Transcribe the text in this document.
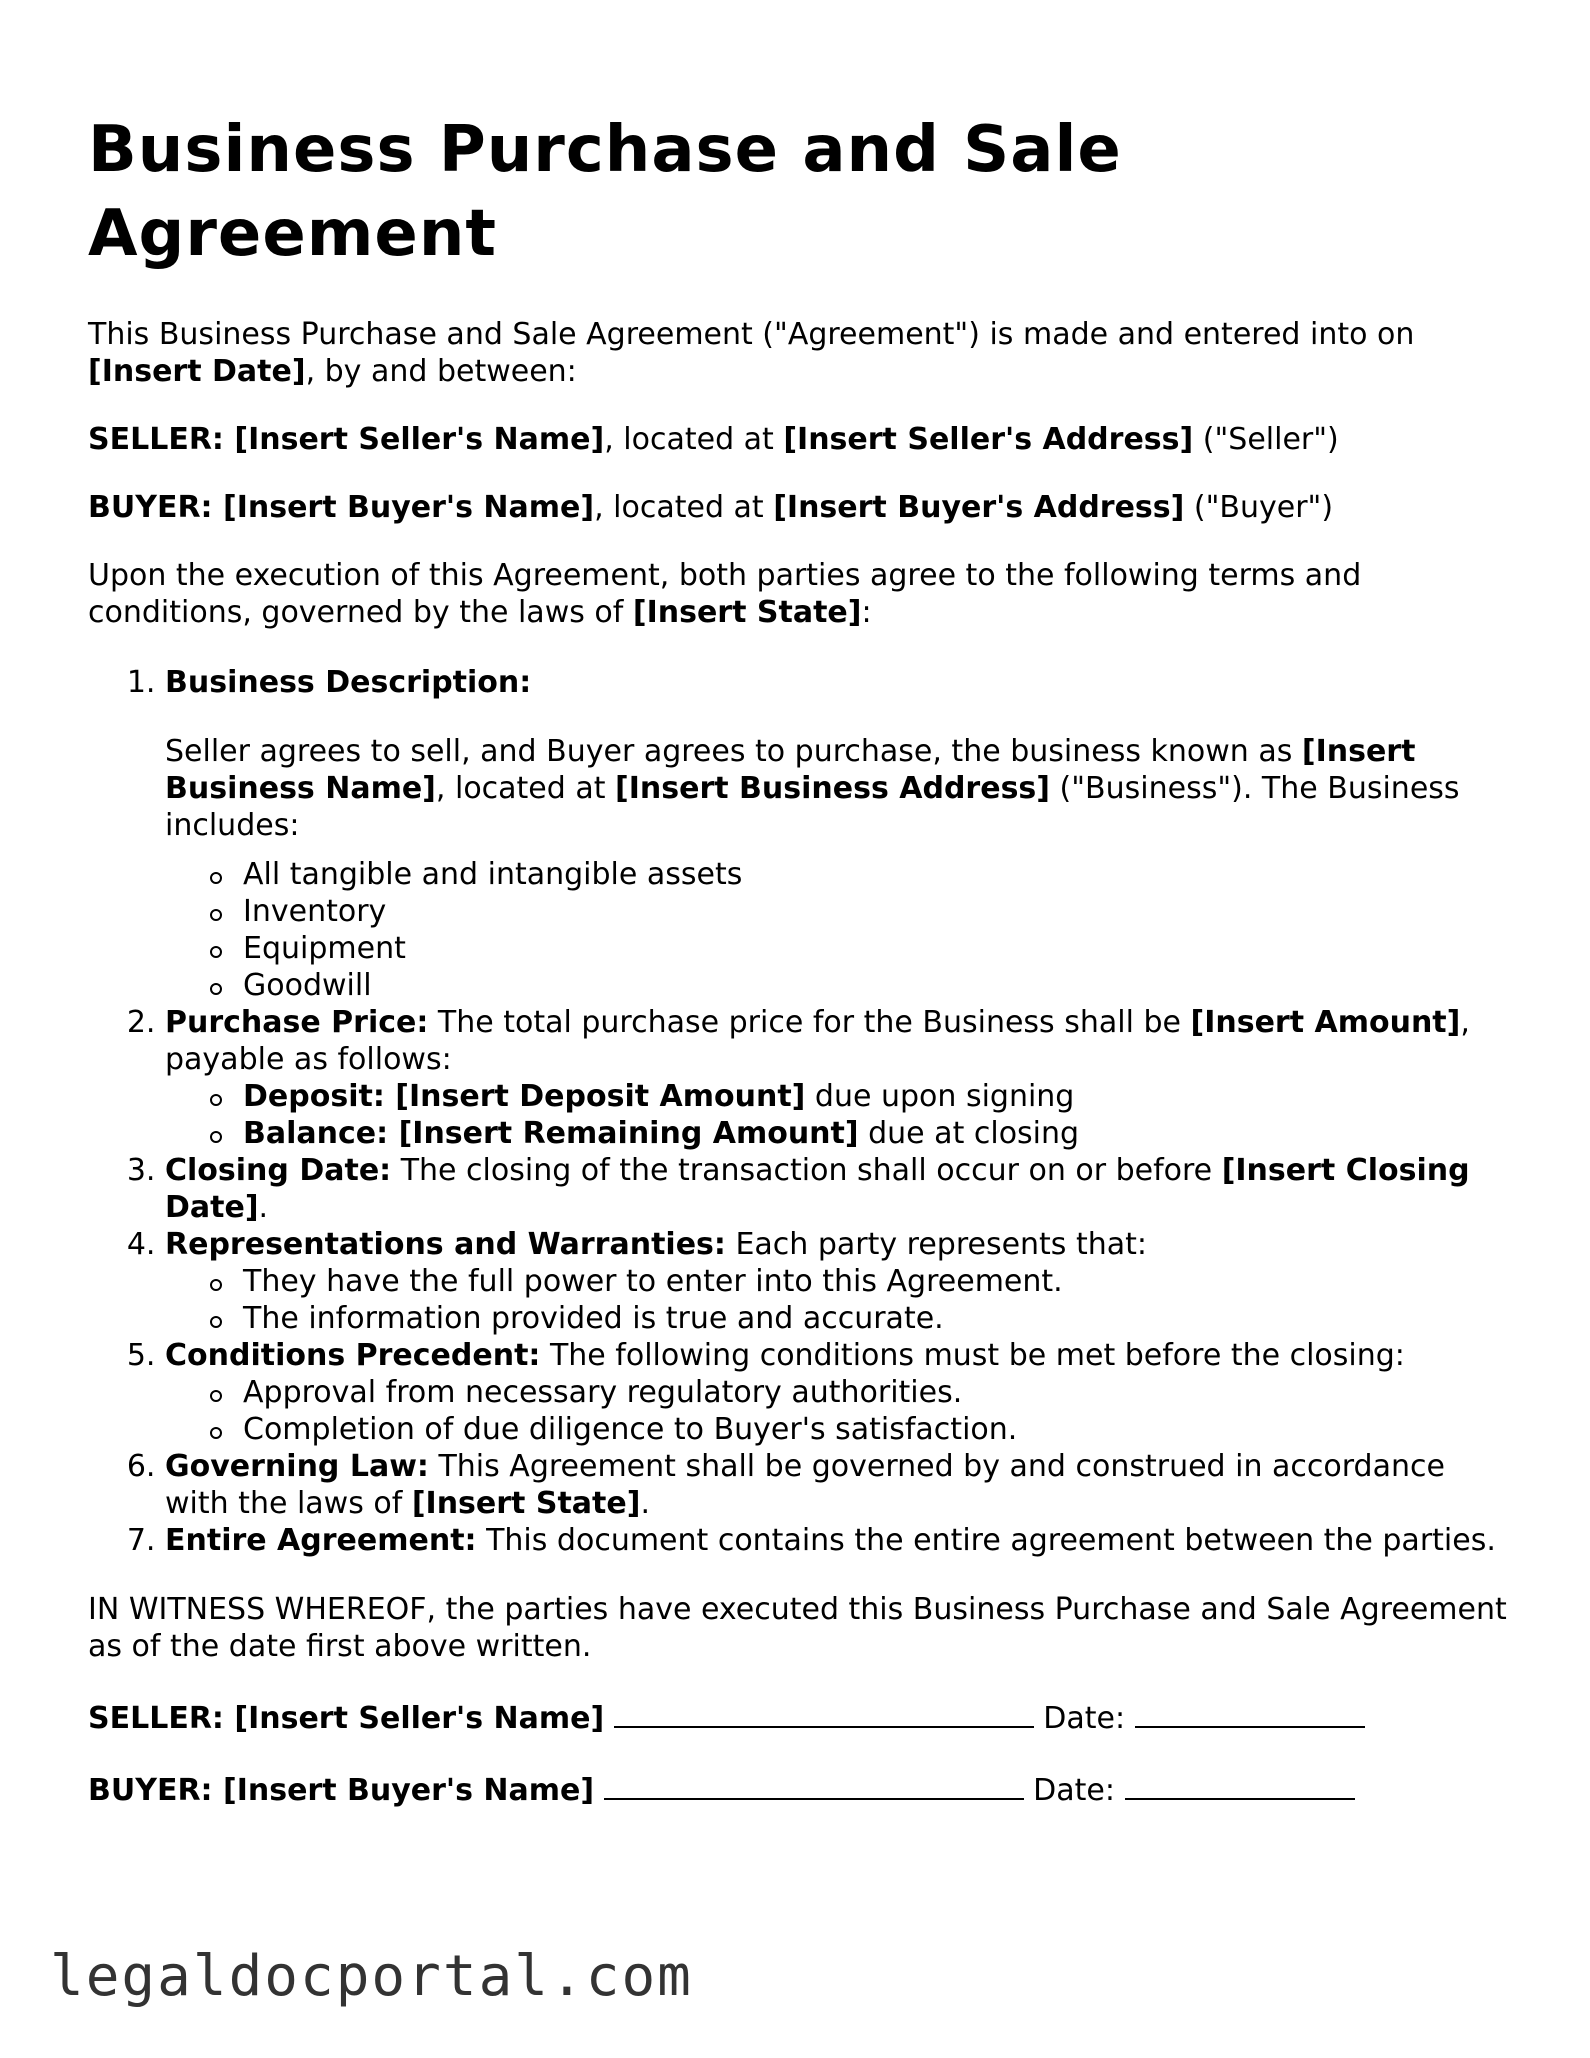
Business Purchase and Sale Agreement

This Business Purchase and Sale Agreement ("Agreement") is made and entered into on [Insert Date], by and between:

SELLER: [Insert Seller's Name], located at [Insert Seller's Address] ("Seller")

BUYER: [Insert Buyer's Name], located at [Insert Buyer's Address] ("Buyer")

Upon the execution of this Agreement, both parties agree to the following terms and conditions, governed by the laws of [Insert State]:

1. Business Description:

Seller agrees to sell, and Buyer agrees to purchase, the business known as [Insert Business Name], located at [Insert Business Address] ("Business"). The Business includes:

All tangible and intangible assets
Inventory
Equipment
Goodwill
2. Purchase Price: The total purchase price for the Business shall be [Insert Amount], payable as follows:
Deposit: [Insert Deposit Amount] due upon signing
Balance: [Insert Remaining Amount] due at closing
3. Closing Date: The closing of the transaction shall occur on or before [Insert Closing Date].
4. Representations and Warranties: Each party represents that:
They have the full power to enter into this Agreement.
The information provided is true and accurate.
5. Conditions Precedent: The following conditions must be met before the closing:
Approval from necessary regulatory authorities.
Completion of due diligence to Buyer's satisfaction.
6. Governing Law: This Agreement shall be governed by and construed in accordance with the laws of [Insert State].
7. Entire Agreement: This document contains the entire agreement between the parties.

IN WITNESS WHEREOF, the parties have executed this Business Purchase and Sale Agreement as of the date first above written.

SELLER: [Insert Seller's Name]	Date:

BUYER: [Insert Buyer's Name]	Date:

legaldocportal.com
